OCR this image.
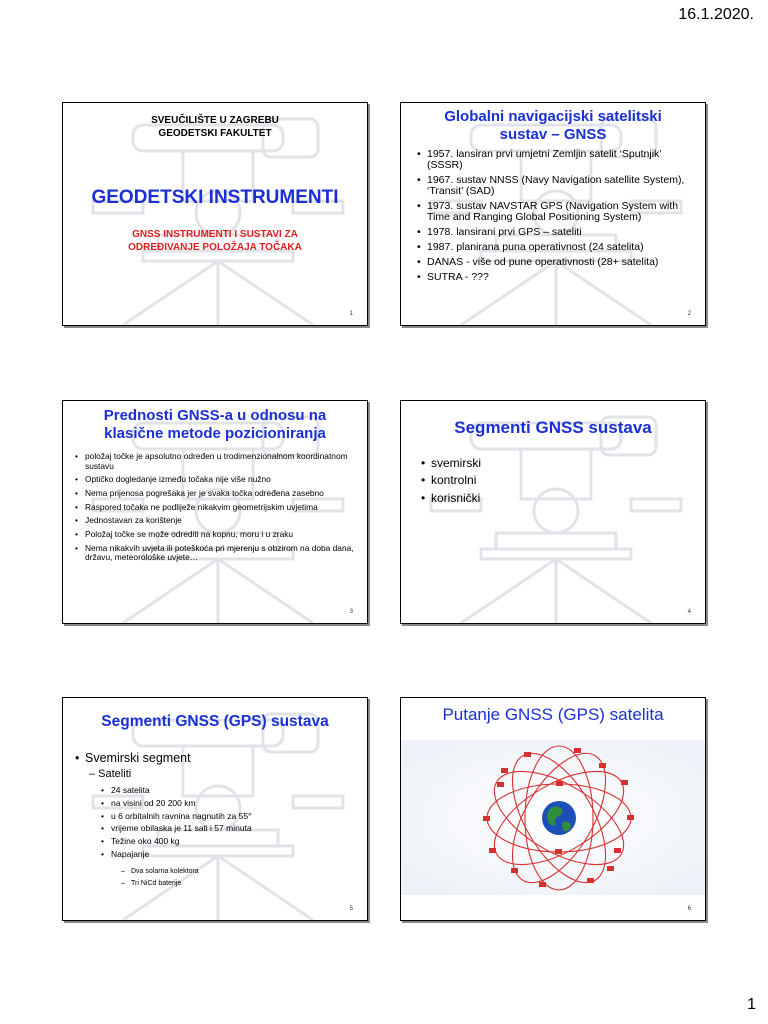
16.1.2020.
SVEUČILIŠTE U ZAGREBU
GEODETSKI FAKULTET
GEODETSKI INSTRUMENTI
GNSS INSTRUMENTI I SUSTAVI ZA
ODREĐIVANJE POLOŽAJA TOČAKA
1
Globalni navigacijski satelitski
sustav – GNSS
• 1957. lansiran prvi umjetni Zemljin satelit ‘Sputnjik’ (SSSR)
• 1967. sustav NNSS (Navy Navigation satellite System), ‘Transit’ (SAD)
• 1973. sustav NAVSTAR GPS (Navigation System with Time and Ranging Global Positioning System)
• 1978. lansirani prvi GPS – sateliti
• 1987. planirana puna operativnost (24 satelita)
• DANAS - više od pune operativnosti (28+ satelita)
• SUTRA - ???
2
Prednosti GNSS-a u odnosu na klasične metode pozicioniranja
• položaj točke je apsolutno određen u trodimenzionalnom koordinatnom sustavu
• Optičko dogledanje između točaka nije više nužno
• Nema prijenosa pogrešaka jer je svaka točka određena zasebno
• Raspored točaka ne podliježe nikakvim geometrijskim uvjetima
• Jednostavan za korištenje
• Položaj točke se može odrediti na kopnu, moru i u zraku
• Nema nikakvih uvjeta ili poteškoća pri mjerenju s obzirom na doba dana, državu, meteorološke uvjete…
3
Segmenti GNSS sustava
• svemirski
• kontrolni
• korisnički
4
Segmenti GNSS (GPS) sustava
• Svemirski segment
– Sateliti
• 24 satelita
• na visini od 20 200 km
• u 6 orbitalnih ravnina nagnutih za 55°
• vrijeme obilaska je 11 sati i 57 minuta
• Težine oko 400 kg
• Napajanje
– Dva solarna kolektora
– Tri NiCd baterije
5
Putanje GNSS (GPS) satelita
6
1
